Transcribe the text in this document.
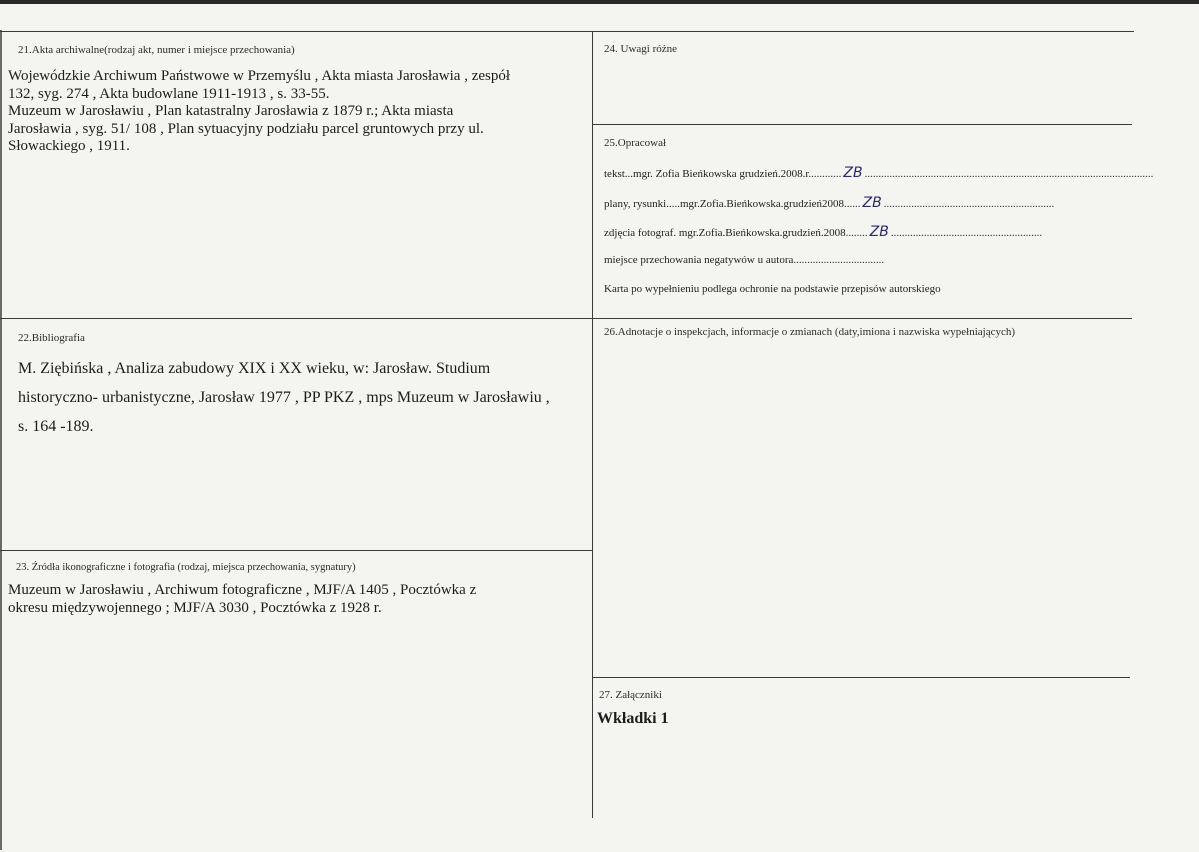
21.Akta archiwalne(rodzaj akt, numer i miejsce przechowania)
Wojewódzkie Archiwum Państwowe w Przemyślu , Akta miasta Jarosławia , zespół
132, syg. 274 , Akta budowlane 1911-1913 , s. 33-55.
Muzeum w Jarosławiu , Plan katastralny Jarosławia z 1879 r.; Akta miasta
Jarosławia , syg. 51/ 108 , Plan sytuacyjny podziału parcel gruntowych przy ul.
Słowackiego , 1911.
22.Bibliografia
M. Ziębińska , Analiza zabudowy XIX i XX wieku, w: Jarosław. Studium
historyczno- urbanistyczne, Jarosław 1977 , PP PKZ , mps Muzeum w Jarosławiu ,
s. 164 -189.
23. Źródła ikonograficzne i fotografia (rodzaj, miejsca przechowania, sygnatury)
Muzeum w Jarosławiu , Archiwum fotograficzne , MJF/A 1405 , Pocztówka z
okresu międzywojennego ; MJF/A 3030 , Pocztówka z 1928 r.
24. Uwagi różne
25.Opracował
tekst...mgr. Zofia Bieńkowska grudzień.2008.r............ ZB .........................................................................................................
plany, rysunki.....mgr.Zofia.Bieńkowska.grudzień2008...... ZB ..............................................................
zdjęcia fotograf. mgr.Zofia.Bieńkowska.grudzień.2008........ ZB .......................................................
miejsce przechowania negatywów u autora.................................
Karta po wypełnieniu podlega ochronie na podstawie przepisów autorskiego
26.Adnotacje o inspekcjach, informacje o zmianach (daty,imiona i nazwiska wypełniających)
27. Załączniki
Wkładki 1
